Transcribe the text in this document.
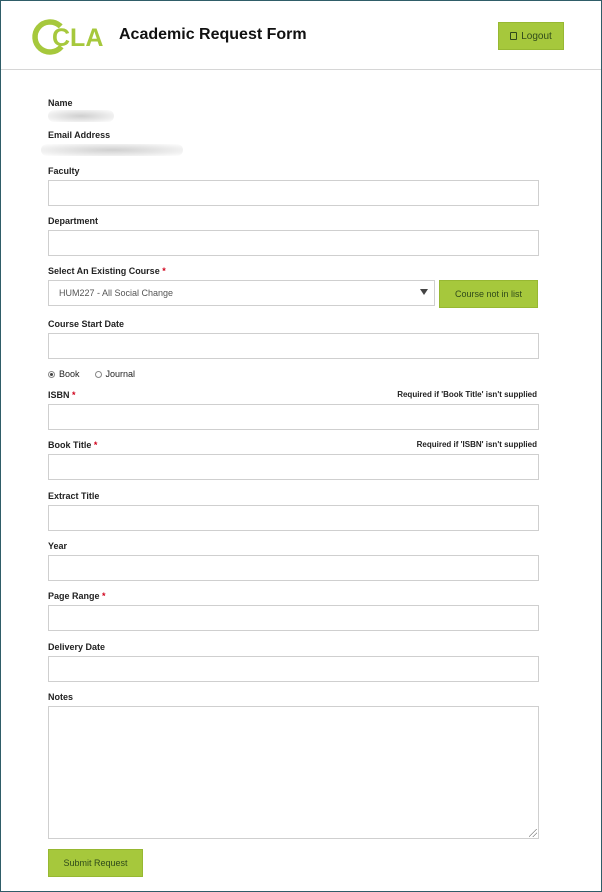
CLA Academic Request Form	Logout
Name
Email Address
Faculty
Department
Select An Existing Course *
HUM227 - All Social Change	Course not in list
Course Start Date
Book	Journal
ISBN *	Required if 'Book Title' isn't supplied
Book Title *	Required if 'ISBN' isn't supplied
Extract Title
Year
Page Range *
Delivery Date
Notes
Submit Request
